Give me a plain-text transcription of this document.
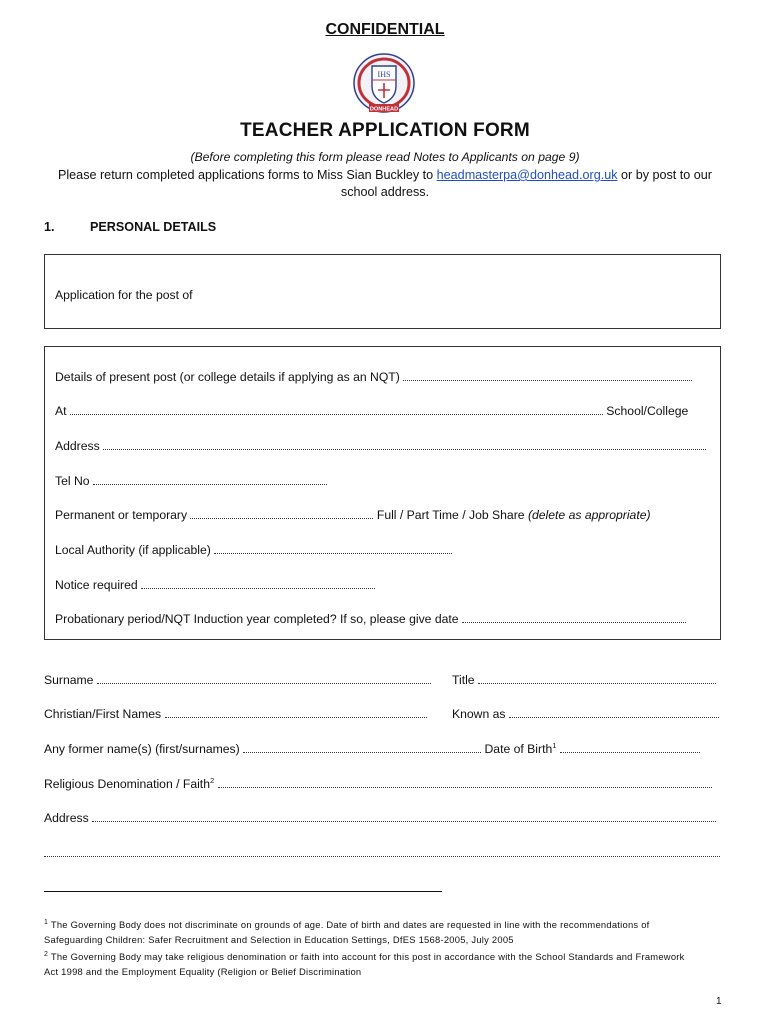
CONFIDENTIAL
IHS
DONHEAD
TEACHER APPLICATION FORM
(Before completing this form please read Notes to Applicants on page 9)
Please return completed applications forms to Miss Sian Buckley to headmasterpa@donhead.org.uk or by post to our
school address.
1.	PERSONAL DETAILS
Application for the post of
Details of present post (or college details if applying as an NQT)
At	School/College
Address
Tel No
Permanent or temporary	Full / Part Time / Job Share (delete as appropriate)
Local Authority (if applicable)
Notice required
Probationary period/NQT Induction year completed? If so, please give date
Surname	Title
Christian/First Names	Known as
Any former name(s) (first/surnames)	Date of Birth$^1$
Religious Denomination / Faith$^2$
Address
$^1$ The Governing Body does not discriminate on grounds of age. Date of birth and dates are requested in line with the recommendations of
Safeguarding Children: Safer Recruitment and Selection in Education Settings, DfES 1568-2005, July 2005
$^2$ The Governing Body may take religious denomination or faith into account for this post in accordance with the School Standards and Framework
Act 1998 and the Employment Equality (Religion or Belief Discrimination
1
